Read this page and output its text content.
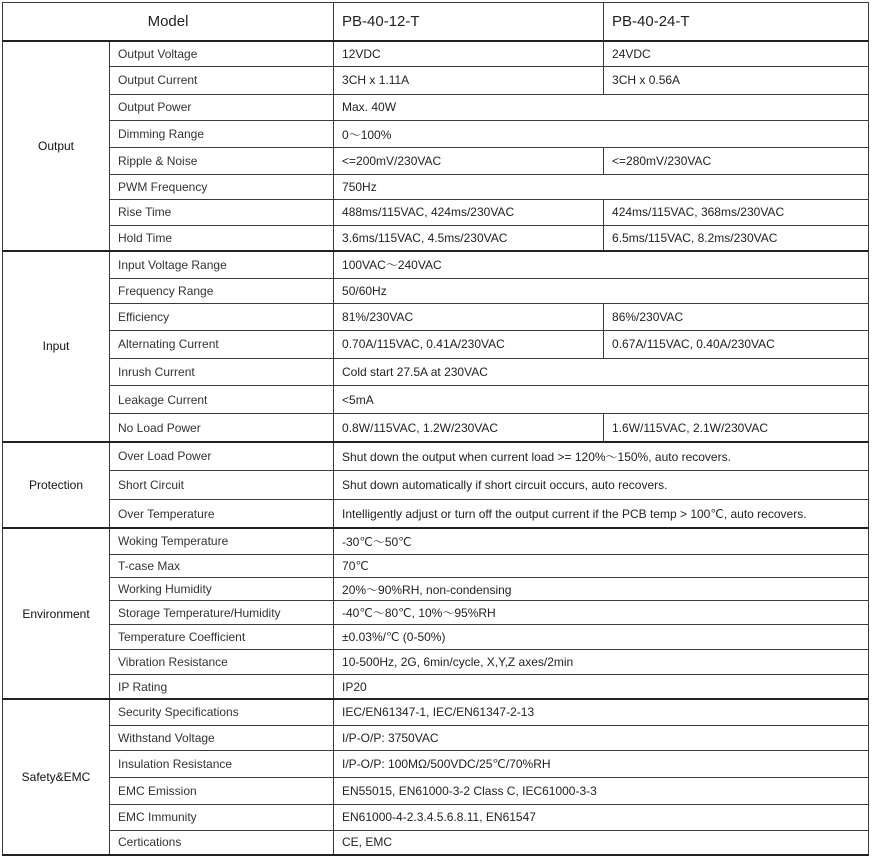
Model		PB-40-12-T	PB-40-24-T
Output	Output Voltage	12VDC	24VDC
	Output Current	3CH x 1.11A	3CH x 0.56A
	Output Power	Max. 40W	
	Dimming Range	0～100%	
	Ripple & Noise	<=200mV/230VAC	<=280mV/230VAC
	PWM Frequency	750Hz	
	Rise Time	488ms/115VAC, 424ms/230VAC	424ms/115VAC, 368ms/230VAC
	Hold Time	3.6ms/115VAC, 4.5ms/230VAC	6.5ms/115VAC, 8.2ms/230VAC
Input	Input Voltage Range	100VAC～240VAC	
	Frequency Range	50/60Hz	
	Efficiency	81%/230VAC	86%/230VAC
	Alternating Current	0.70A/115VAC, 0.41A/230VAC	0.67A/115VAC, 0.40A/230VAC
	Inrush Current	Cold start 27.5A at 230VAC	
	Leakage Current	<5mA	
	No Load Power	0.8W/115VAC, 1.2W/230VAC	1.6W/115VAC, 2.1W/230VAC
Protection	Over Load Power	Shut down the output when current load >= 120%～150%, auto recovers.	
	Short Circuit	Shut down automatically if short circuit occurs, auto recovers.	
	Over Temperature	Intelligently adjust or turn off the output current if the PCB temp > 100℃, auto recovers.	
Environment	Woking Temperature	-30℃～50℃	
	T-case Max	70℃	
	Working Humidity	20%～90%RH, non-condensing	
	Storage Temperature/Humidity	-40℃～80℃, 10%～95%RH	
	Temperature Coefficient	±0.03%/℃ (0-50%)	
	Vibration Resistance	10-500Hz, 2G, 6min/cycle, X,Y,Z axes/2min	
	IP Rating	IP20	
Safety&EMC	Security Specifications	IEC/EN61347-1, IEC/EN61347-2-13	
	Withstand Voltage	I/P-O/P: 3750VAC	
	Insulation Resistance	I/P-O/P: 100MΩ/500VDC/25℃/70%RH	
	EMC Emission	EN55015, EN61000-3-2 Class C, IEC61000-3-3	
	EMC Immunity	EN61000-4-2.3.4.5.6.8.11, EN61547	
	Certications	CE, EMC	
